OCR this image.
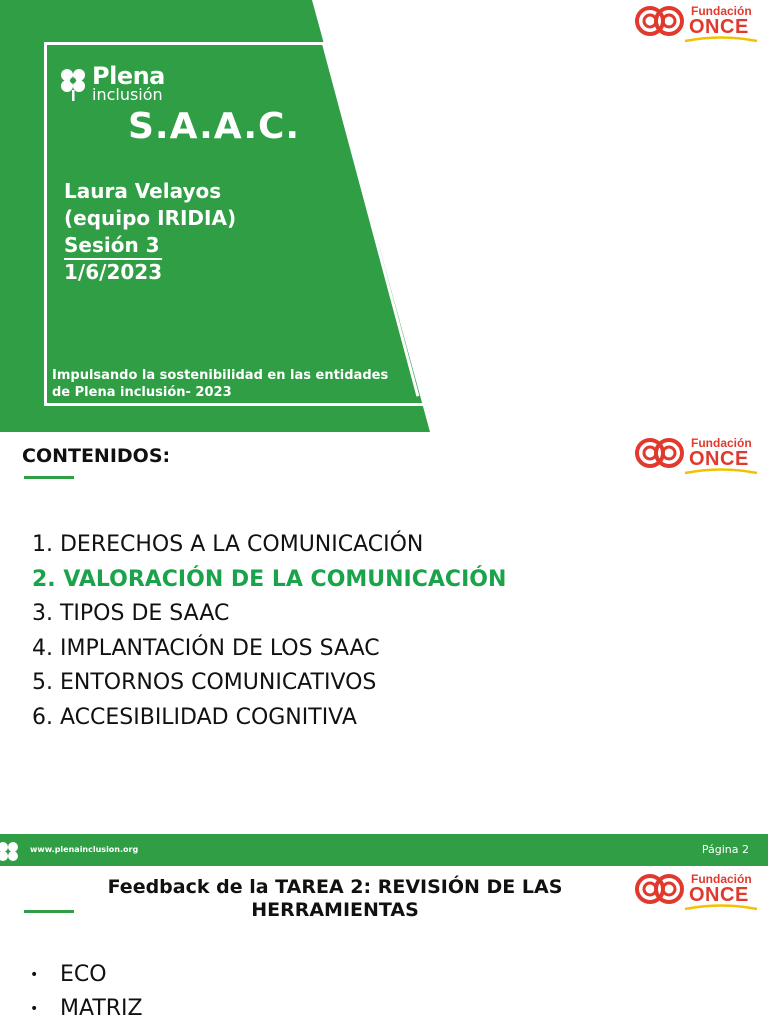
Plena
inclusión
S.A.A.C.
Laura Velayos
(equipo IRIDIA)
Sesión 3
1/6/2023
Impulsando la sostenibilidad en las entidades
de Plena inclusión- 2023
Fundación
ONCE
CONTENIDOS:
Fundación
ONCE
1. DERECHOS A LA COMUNICACIÓN
2. VALORACIÓN DE LA COMUNICACIÓN
3. TIPOS DE SAAC
4. IMPLANTACIÓN DE LOS SAAC
5. ENTORNOS COMUNICATIVOS
6. ACCESIBILIDAD COGNITIVA
www.plenainclusion.org	Página 2
Feedback de la TAREA 2: REVISIÓN DE LAS
HERRAMIENTAS
Fundación
ONCE
• ECO
• MATRIZ
